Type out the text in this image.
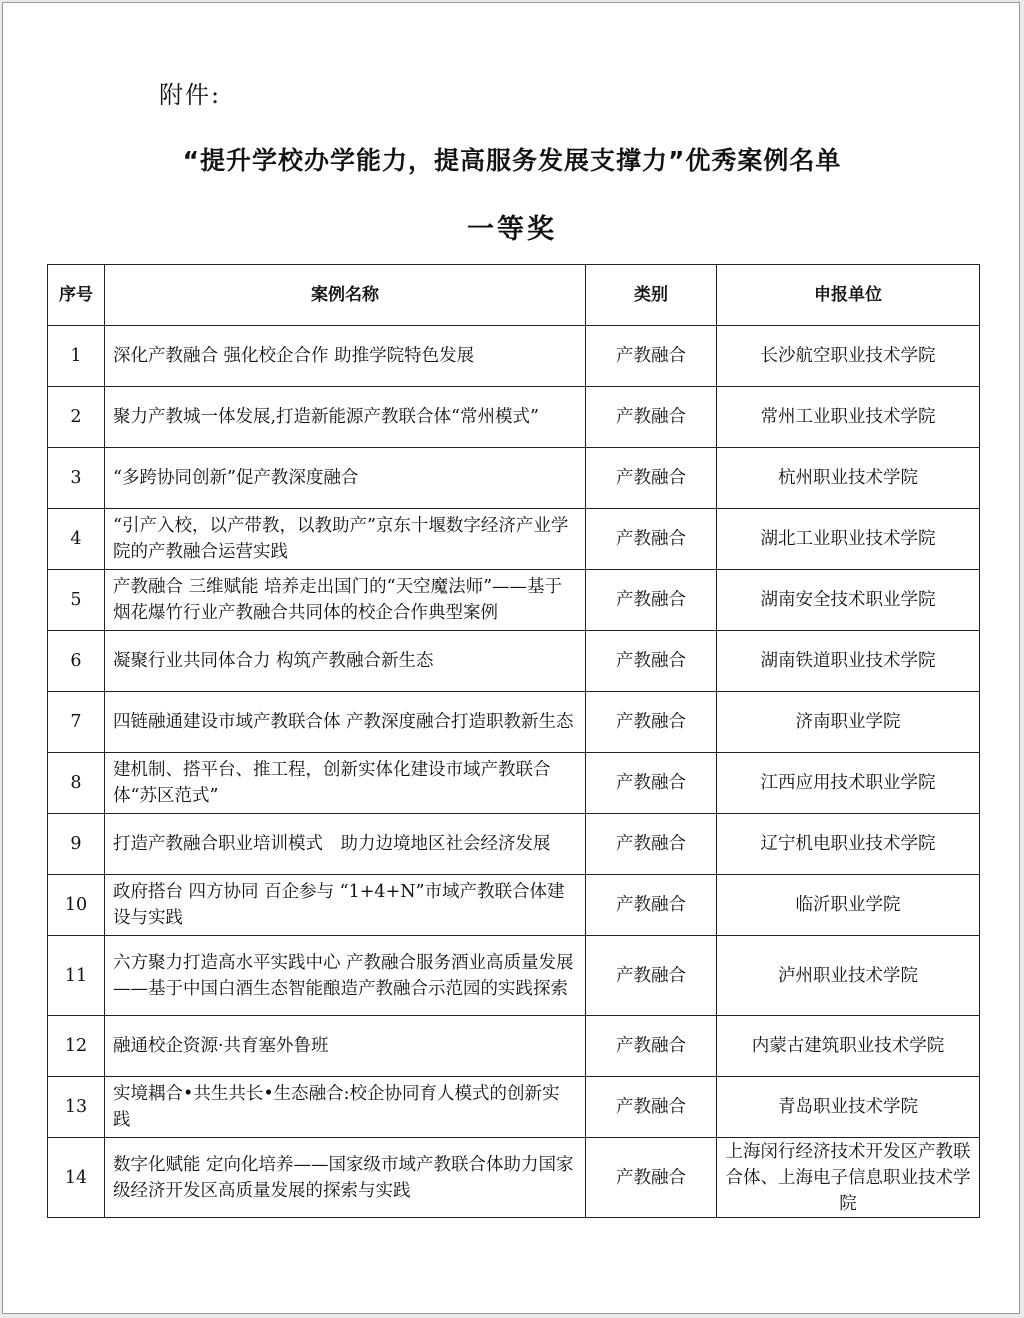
附件:
“提升学校办学能力，提高服务发展支撑力”优秀案例名单
一等奖
序号	案例名称	类别	申报单位
1	深化产教融合 强化校企合作 助推学院特色发展	产教融合	长沙航空职业技术学院
2	聚力产教城一体发展,打造新能源产教联合体“常州模式”	产教融合	常州工业职业技术学院
3	“多跨协同创新”促产教深度融合	产教融合	杭州职业技术学院
4	“引产入校，以产带教，以教助产”京东十堰数字经济产业学院的产教融合运营实践	产教融合	湖北工业职业技术学院
5	产教融合 三维赋能 培养走出国门的“天空魔法师”——基于烟花爆竹行业产教融合共同体的校企合作典型案例	产教融合	湖南安全技术职业学院
6	凝聚行业共同体合力 构筑产教融合新生态	产教融合	湖南铁道职业技术学院
7	四链融通建设市域产教联合体 产教深度融合打造职教新生态	产教融合	济南职业学院
8	建机制、搭平台、推工程，创新实体化建设市域产教联合体“苏区范式”	产教融合	江西应用技术职业学院
9	打造产教融合职业培训模式　助力边境地区社会经济发展	产教融合	辽宁机电职业技术学院
10	政府搭台 四方协同 百企参与 “1+4+N”市域产教联合体建设与实践	产教融合	临沂职业学院
11	六方聚力打造高水平实践中心 产教融合服务酒业高质量发展——基于中国白酒生态智能酿造产教融合示范园的实践探索	产教融合	泸州职业技术学院
12	融通校企资源·共育塞外鲁班	产教融合	内蒙古建筑职业技术学院
13	实境耦合•共生共长•生态融合:校企协同育人模式的创新实践	产教融合	青岛职业技术学院
14	数字化赋能 定向化培养——国家级市域产教联合体助力国家级经济开发区高质量发展的探索与实践	产教融合	上海闵行经济技术开发区产教联合体、上海电子信息职业技术学院
